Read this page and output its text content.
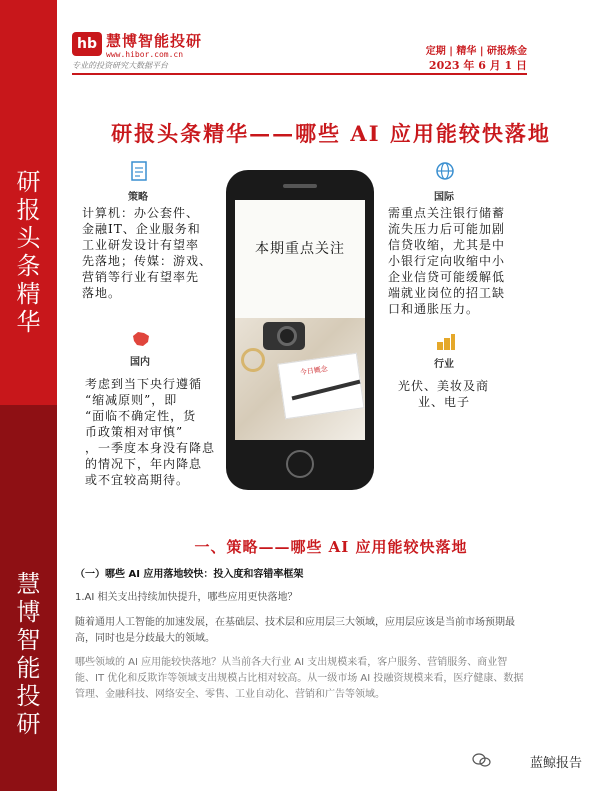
研
报
头
条
精
华
慧
博
智
能
投
研
hb 慧博智能投研
www.hibor.com.cn
专业的投资研究大数据平台
定期 | 精华 | 研报炼金
2023 年 6 月 1 日
研报头条精华——哪些 AI 应用能较快落地
本期重点关注
今日概念
策略
计算机：办公套件、
金融IT、企业服务和
工业研发设计有望率
先落地；传媒：游戏、
营销等行业有望率先
落地。
国际
需重点关注银行储蓄
流失压力后可能加剧
信贷收缩，尤其是中
小银行定向收缩中小
企业信贷可能缓解低
端就业岗位的招工缺
口和通胀压力。
国内
考虑到当下央行遵循
“缩减原则”，即
“面临不确定性，货
币政策相对审慎”
，一季度本身没有降息
的情况下，年内降息
或不宜较高期待。
行业
光伏、美妆及商
业、电子
一、策略——哪些 AI 应用能较快落地
（一）哪些 AI 应用落地较快：投入度和容错率框架
1.AI 相关支出持续加快提升，哪些应用更快落地？
随着通用人工智能的加速发展，在基础层、技术层和应用层三大领域，应用层应该是当前市场预期最高，同时也是分歧最大的领域。
哪些领域的 AI 应用能较快落地？从当前各大行业 AI 支出规模来看，客户服务、营销服务、商业智能、IT 优化和反欺诈等领域支出规模占比相对较高。从一级市场 AI 投融资规模来看，医疗健康、数据管理、金融科技、网络安全、零售、工业自动化、营销和广告等领域。
蓝鲸报告
